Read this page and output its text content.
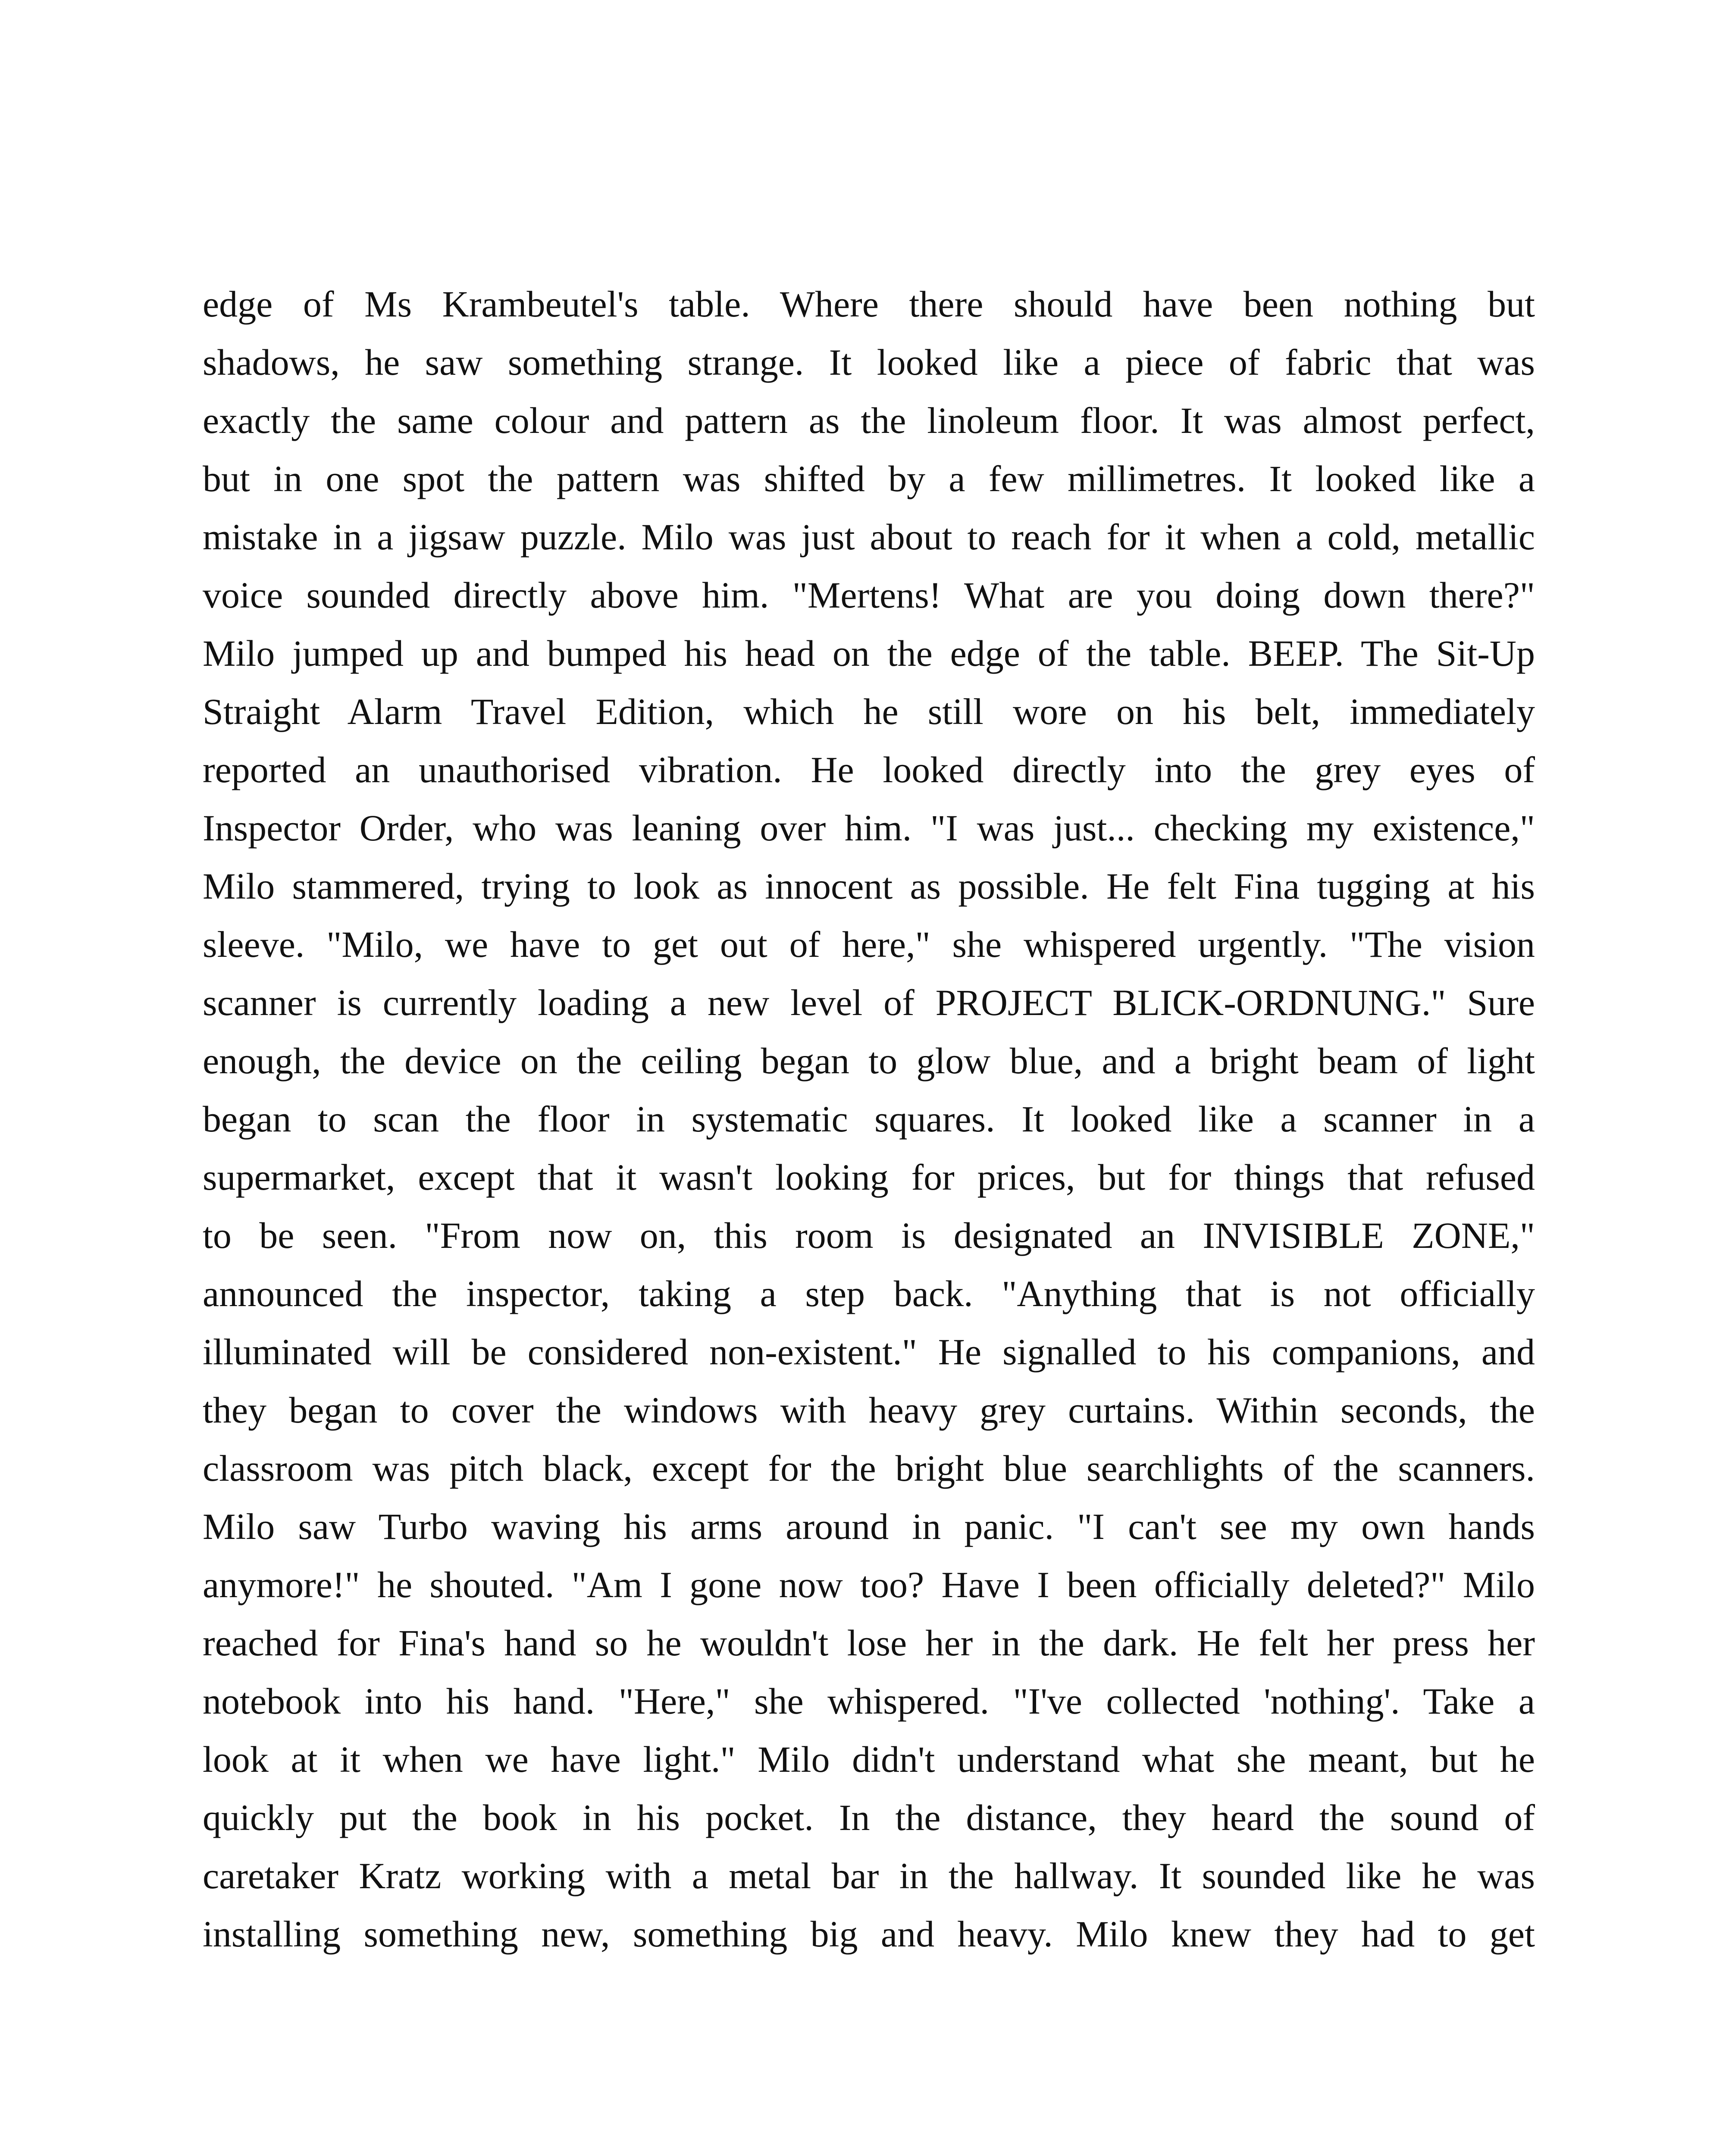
edge of Ms Krambeutel's table. Where there should have been nothing but
shadows, he saw something strange. It looked like a piece of fabric that was
exactly the same colour and pattern as the linoleum floor. It was almost perfect,
but in one spot the pattern was shifted by a few millimetres. It looked like a
mistake in a jigsaw puzzle. Milo was just about to reach for it when a cold, metallic
voice sounded directly above him. "Mertens! What are you doing down there?"
Milo jumped up and bumped his head on the edge of the table. BEEP. The Sit-Up
Straight Alarm Travel Edition, which he still wore on his belt, immediately
reported an unauthorised vibration. He looked directly into the grey eyes of
Inspector Order, who was leaning over him. "I was just... checking my existence,"
Milo stammered, trying to look as innocent as possible. He felt Fina tugging at his
sleeve. "Milo, we have to get out of here," she whispered urgently. "The vision
scanner is currently loading a new level of PROJECT BLICK-ORDNUNG." Sure
enough, the device on the ceiling began to glow blue, and a bright beam of light
began to scan the floor in systematic squares. It looked like a scanner in a
supermarket, except that it wasn't looking for prices, but for things that refused
to be seen. "From now on, this room is designated an INVISIBLE ZONE,"
announced the inspector, taking a step back. "Anything that is not officially
illuminated will be considered non-existent." He signalled to his companions, and
they began to cover the windows with heavy grey curtains. Within seconds, the
classroom was pitch black, except for the bright blue searchlights of the scanners.
Milo saw Turbo waving his arms around in panic. "I can't see my own hands
anymore!" he shouted. "Am I gone now too? Have I been officially deleted?" Milo
reached for Fina's hand so he wouldn't lose her in the dark. He felt her press her
notebook into his hand. "Here," she whispered. "I've collected 'nothing'. Take a
look at it when we have light." Milo didn't understand what she meant, but he
quickly put the book in his pocket. In the distance, they heard the sound of
caretaker Kratz working with a metal bar in the hallway. It sounded like he was
installing something new, something big and heavy. Milo knew they had to get
